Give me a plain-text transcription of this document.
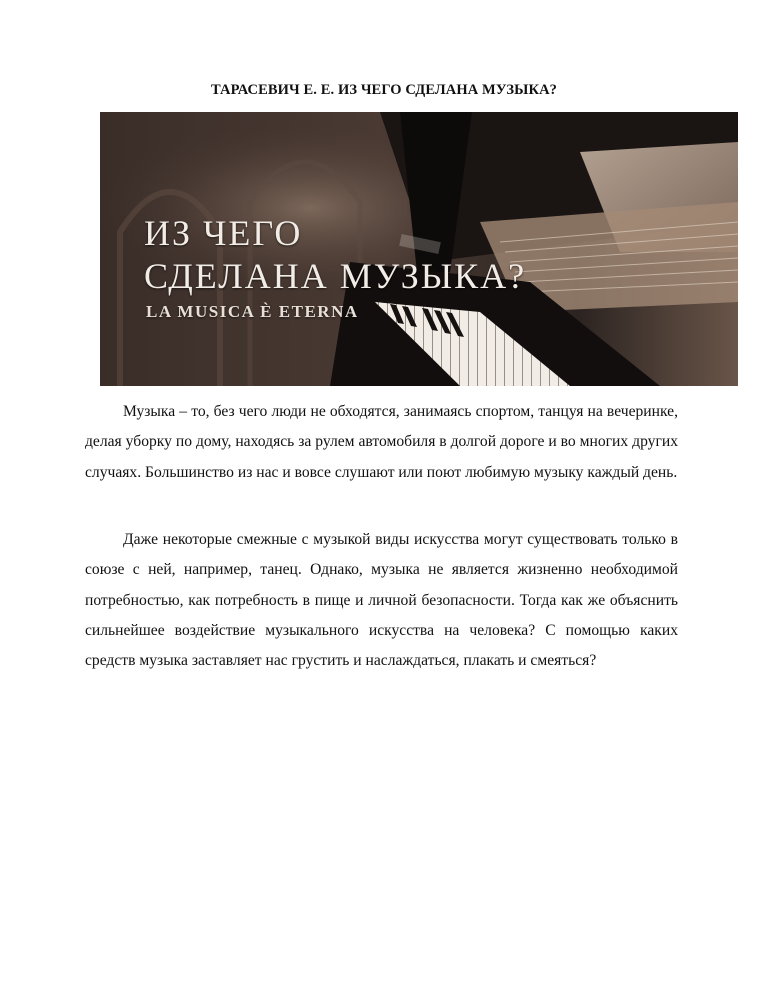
ТАРАСЕВИЧ Е. Е. ИЗ ЧЕГО СДЕЛАНА МУЗЫКА?
ИЗ ЧЕГО
СДЕЛАНА МУЗЫКА?
LA MUSICA È ETERNA

Музыка – то, без чего люди не обходятся, занимаясь спортом, танцуя на вечеринке, делая уборку по дому, находясь за рулем автомобиля в долгой дороге и во многих других случаях. Большинство из нас и вовсе слушают или поют любимую музыку каждый день.

Даже некоторые смежные с музыкой виды искусства могут существовать только в союзе с ней, например, танец. Однако, музыка не является жизненно необходимой потребностью, как потребность в пище и личной безопасности. Тогда как же объяснить сильнейшее воздействие музыкального искусства на человека? С помощью каких средств музыка заставляет нас грустить и наслаждаться, плакать и смеяться?
